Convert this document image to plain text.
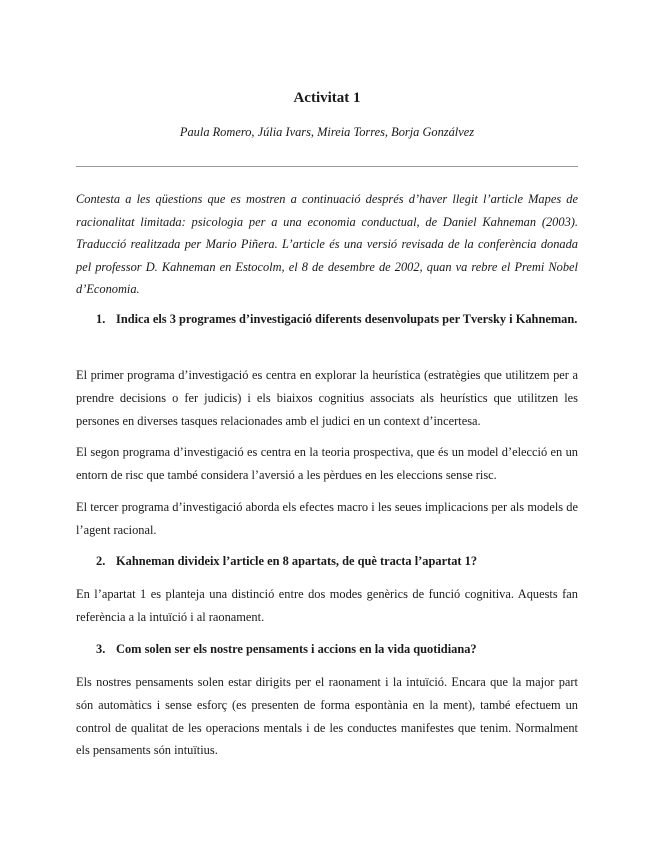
Activitat 1

Paula Romero, Júlia Ivars, Mireia Torres, Borja Gonzálvez

Contesta a les qüestions que es mostren a continuació després d’haver llegit l’article Mapes de racionalitat limitada: psicologia per a una economia conductual, de Daniel Kahneman (2003). Traducció realitzada per Mario Piñera. L’article és una versió revisada de la conferència donada pel professor D. Kahneman en Estocolm, el 8 de desembre de 2002, quan va rebre el Premi Nobel d’Economia.

1. Indica els 3 programes d’investigació diferents desenvolupats per Tversky i Kahneman.

El primer programa d’investigació es centra en explorar la heurística (estratègies que utilitzem per a prendre decisions o fer judicis) i els biaixos cognitius associats als heurístics que utilitzen les persones en diverses tasques relacionades amb el judici en un context d’incertesa.

El segon programa d’investigació es centra en la teoria prospectiva, que és un model d’elecció en un entorn de risc que també considera l’aversió a les pèrdues en les eleccions sense risc.

El tercer programa d’investigació aborda els efectes macro i les seues implicacions per als models de l’agent racional.

2. Kahneman divideix l’article en 8 apartats, de què tracta l’apartat 1?

En l’apartat 1 es planteja una distinció entre dos modes genèrics de funció cognitiva. Aquests fan referència a la intuïció i al raonament.

3. Com solen ser els nostre pensaments i accions en la vida quotidiana?

Els nostres pensaments solen estar dirigits per el raonament i la intuïció. Encara que la major part són automàtics i sense esforç (es presenten de forma espontània en la ment), també efectuem un control de qualitat de les operacions mentals i de les conductes manifestes que tenim. Normalment els pensaments són intuïtius.
